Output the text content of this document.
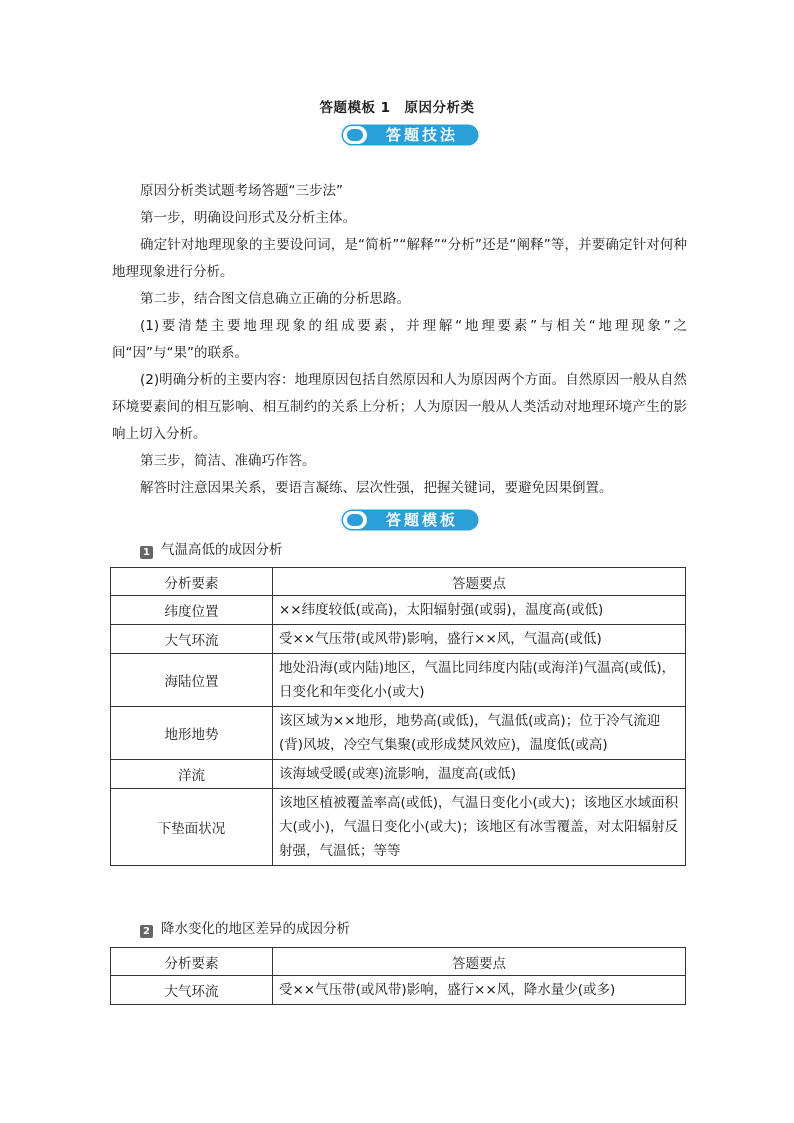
答题模板 1　原因分析类
答题技法

原因分析类试题考场答题“三步法”

第一步，明确设问形式及分析主体。

确定针对地理现象的主要设问词，是“简析”“解释”“分析”还是“阐释”等，并要确定针对何种地理现象进行分析。

第二步，结合图文信息确立正确的分析思路。

(1)要清楚主要地理现象的组成要素，并理解“地理要素”与相关“地理现象”之间“因”与“果”的联系。

(2)明确分析的主要内容：地理原因包括自然原因和人为原因两个方面。自然原因一般从自然环境要素间的相互影响、相互制约的关系上分析；人为原因一般从人类活动对地理环境产生的影响上切入分析。

第三步，简洁、准确巧作答。

解答时注意因果关系，要语言凝练、层次性强，把握关键词，要避免因果倒置。

答题模板
1 气温高低的成因分析
分析要素	答题要点
纬度位置	××纬度较低(或高)，太阳辐射强(或弱)，温度高(或低)
大气环流	受××气压带(或风带)影响，盛行××风，气温高(或低)
海陆位置	地处沿海(或内陆)地区，气温比同纬度内陆(或海洋)气温高(或低)，日变化和年变化小(或大)
地形地势	该区域为××地形，地势高(或低)，气温低(或高)；位于冷气流迎(背)风坡，冷空气集聚(或形成焚风效应)，温度低(或高)
洋流	该海域受暖(或寒)流影响，温度高(或低)
下垫面状况	该地区植被覆盖率高(或低)，气温日变化小(或大)；该地区水域面积大(或小)，气温日变化小(或大)；该地区有冰雪覆盖，对太阳辐射反射强，气温低；等等
2 降水变化的地区差异的成因分析
分析要素	答题要点
大气环流	受××气压带(或风带)影响，盛行××风，降水量少(或多)
